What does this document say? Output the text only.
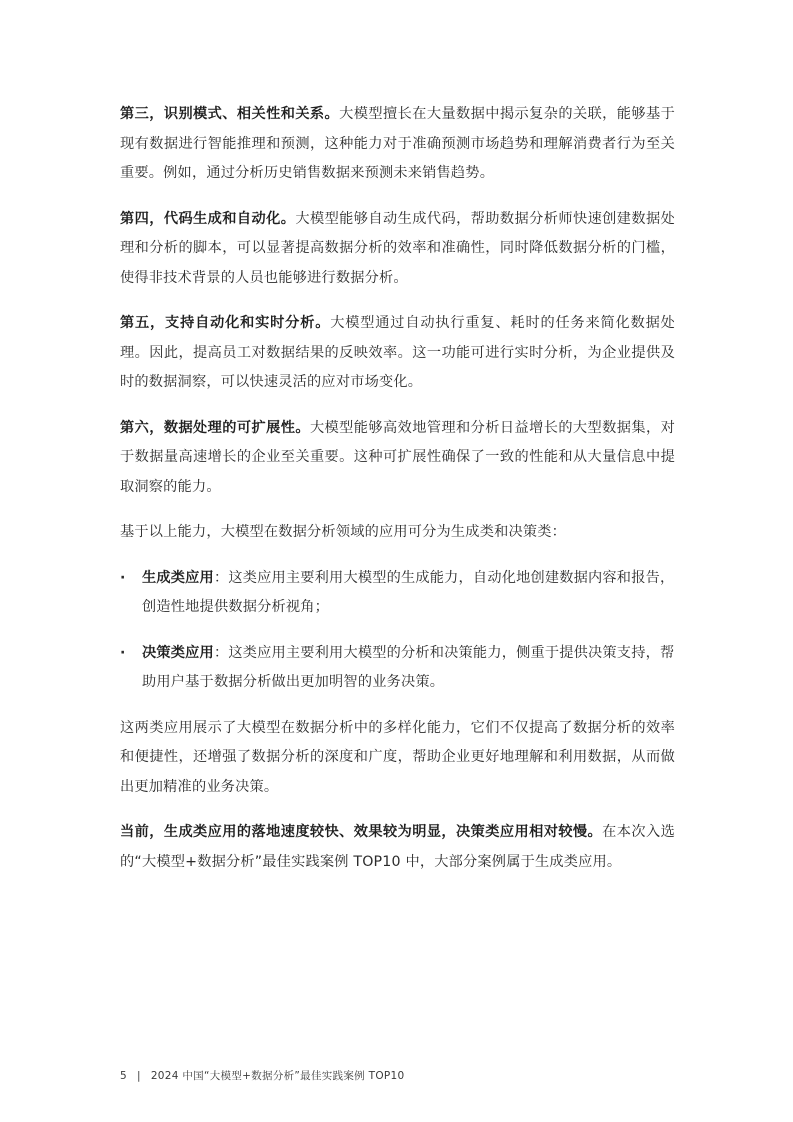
第三，识别模式、相关性和关系。大模型擅长在大量数据中揭示复杂的关联，能够基于现有数据进行智能推理和预测，这种能力对于准确预测市场趋势和理解消费者行为至关重要。例如，通过分析历史销售数据来预测未来销售趋势。

第四，代码生成和自动化。大模型能够自动生成代码，帮助数据分析师快速创建数据处理和分析的脚本，可以显著提高数据分析的效率和准确性，同时降低数据分析的门槛，使得非技术背景的人员也能够进行数据分析。

第五，支持自动化和实时分析。大模型通过自动执行重复、耗时的任务来简化数据处理。因此，提高员工对数据结果的反映效率。这一功能可进行实时分析，为企业提供及时的数据洞察，可以快速灵活的应对市场变化。

第六，数据处理的可扩展性。大模型能够高效地管理和分析日益增长的大型数据集，对于数据量高速增长的企业至关重要。这种可扩展性确保了一致的性能和从大量信息中提取洞察的能力。

基于以上能力，大模型在数据分析领域的应用可分为生成类和决策类：

·	生成类应用：这类应用主要利用大模型的生成能力，自动化地创建数据内容和报告，创造性地提供数据分析视角；
·	决策类应用：这类应用主要利用大模型的分析和决策能力，侧重于提供决策支持，帮助用户基于数据分析做出更加明智的业务决策。

这两类应用展示了大模型在数据分析中的多样化能力，它们不仅提高了数据分析的效率和便捷性，还增强了数据分析的深度和广度，帮助企业更好地理解和利用数据，从而做出更加精准的业务决策。

当前，生成类应用的落地速度较快、效果较为明显，决策类应用相对较慢。在本次入选的“大模型+数据分析”最佳实践案例 TOP10 中，大部分案例属于生成类应用。

5 | 2024 中国“大模型+数据分析”最佳实践案例 TOP10
